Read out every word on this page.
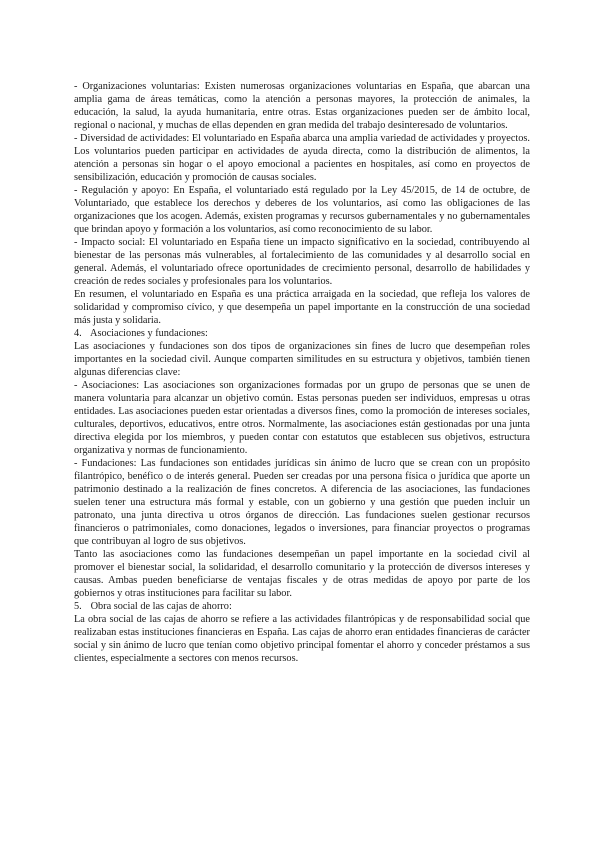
- Organizaciones voluntarias: Existen numerosas organizaciones voluntarias en España, que abarcan una amplia gama de áreas temáticas, como la atención a personas mayores, la protección de animales, la educación, la salud, la ayuda humanitaria, entre otras. Estas organizaciones pueden ser de ámbito local, regional o nacional, y muchas de ellas dependen en gran medida del trabajo desinteresado de voluntarios.

- Diversidad de actividades: El voluntariado en España abarca una amplia variedad de actividades y proyectos. Los voluntarios pueden participar en actividades de ayuda directa, como la distribución de alimentos, la atención a personas sin hogar o el apoyo emocional a pacientes en hospitales, así como en proyectos de sensibilización, educación y promoción de causas sociales.

- Regulación y apoyo: En España, el voluntariado está regulado por la Ley 45/2015, de 14 de octubre, de Voluntariado, que establece los derechos y deberes de los voluntarios, así como las obligaciones de las organizaciones que los acogen. Además, existen programas y recursos gubernamentales y no gubernamentales que brindan apoyo y formación a los voluntarios, así como reconocimiento de su labor.

- Impacto social: El voluntariado en España tiene un impacto significativo en la sociedad, contribuyendo al bienestar de las personas más vulnerables, al fortalecimiento de las comunidades y al desarrollo social en general. Además, el voluntariado ofrece oportunidades de crecimiento personal, desarrollo de habilidades y creación de redes sociales y profesionales para los voluntarios.

En resumen, el voluntariado en España es una práctica arraigada en la sociedad, que refleja los valores de solidaridad y compromiso cívico, y que desempeña un papel importante en la construcción de una sociedad más justa y solidaria.

4. Asociaciones y fundaciones:

Las asociaciones y fundaciones son dos tipos de organizaciones sin fines de lucro que desempeñan roles importantes en la sociedad civil. Aunque comparten similitudes en su estructura y objetivos, también tienen algunas diferencias clave:

- Asociaciones: Las asociaciones son organizaciones formadas por un grupo de personas que se unen de manera voluntaria para alcanzar un objetivo común. Estas personas pueden ser individuos, empresas u otras entidades. Las asociaciones pueden estar orientadas a diversos fines, como la promoción de intereses sociales, culturales, deportivos, educativos, entre otros. Normalmente, las asociaciones están gestionadas por una junta directiva elegida por los miembros, y pueden contar con estatutos que establecen sus objetivos, estructura organizativa y normas de funcionamiento.

- Fundaciones: Las fundaciones son entidades jurídicas sin ánimo de lucro que se crean con un propósito filantrópico, benéfico o de interés general. Pueden ser creadas por una persona física o jurídica que aporte un patrimonio destinado a la realización de fines concretos. A diferencia de las asociaciones, las fundaciones suelen tener una estructura más formal y estable, con un gobierno y una gestión que pueden incluir un patronato, una junta directiva u otros órganos de dirección. Las fundaciones suelen gestionar recursos financieros o patrimoniales, como donaciones, legados o inversiones, para financiar proyectos o programas que contribuyan al logro de sus objetivos.

Tanto las asociaciones como las fundaciones desempeñan un papel importante en la sociedad civil al promover el bienestar social, la solidaridad, el desarrollo comunitario y la protección de diversos intereses y causas. Ambas pueden beneficiarse de ventajas fiscales y de otras medidas de apoyo por parte de los gobiernos y otras instituciones para facilitar su labor.

5. Obra social de las cajas de ahorro:

La obra social de las cajas de ahorro se refiere a las actividades filantrópicas y de responsabilidad social que realizaban estas instituciones financieras en España. Las cajas de ahorro eran entidades financieras de carácter social y sin ánimo de lucro que tenían como objetivo principal fomentar el ahorro y conceder préstamos a sus clientes, especialmente a sectores con menos recursos.
